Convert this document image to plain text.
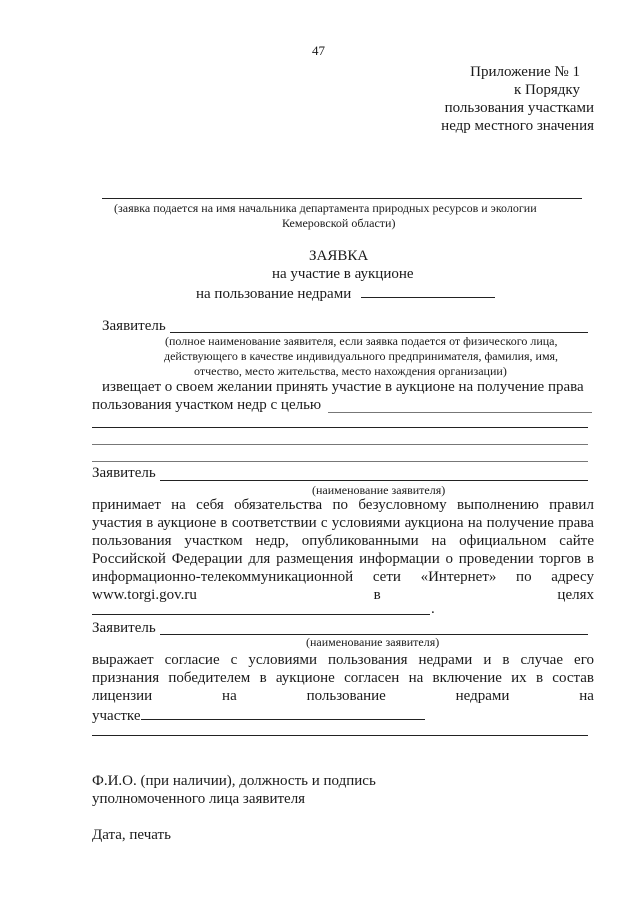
47
Приложение № 1
к Порядку
пользования участками
недр местного значения
(заявка подается на имя начальника департамента природных ресурсов и экологии
Кемеровской области)
ЗАЯВКА
на участие в аукционе
на пользование недрами
Заявитель
(полное наименование заявителя, если заявка подается от физического лица,
действующего в качестве индивидуального предпринимателя, фамилия, имя,
отчество, место жительства, место нахождения организации)
извещает о своем желании принять участие в аукционе на получение права
пользования участком недр с целью
Заявитель
(наименование заявителя)
принимает на себя обязательства по безусловному выполнению правил
участия в аукционе в соответствии с условиями аукциона на получение права
пользования участком недр, опубликованными на официальном сайте
Российской Федерации для размещения информации о проведении торгов в
информационно-телекоммуникационной сети «Интернет» по адресу
www.torgi.gov.ru	в	целях
.
Заявитель
(наименование заявителя)
выражает согласие с условиями пользования недрами и в случае его
признания победителем в аукционе согласен на включение их в состав
лицензии	на	пользование	недрами	на
участке
Ф.И.О. (при наличии), должность и подпись
уполномоченного лица заявителя
Дата, печать
